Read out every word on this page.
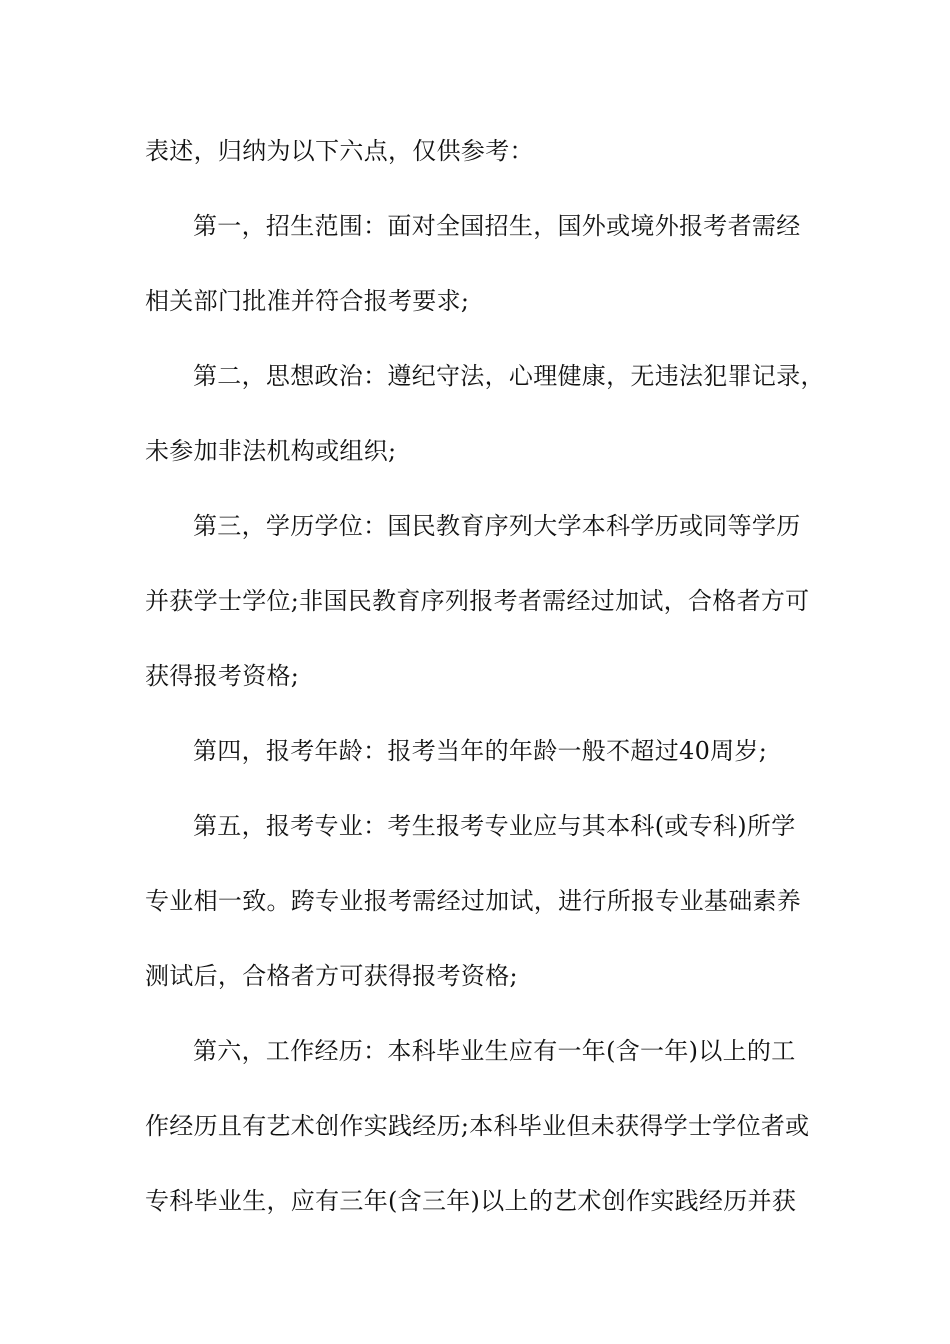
表述，归纳为以下六点，仅供参考：
第一，招生范围：面对全国招生，国外或境外报考者需经
相关部门批准并符合报考要求;
第二，思想政治：遵纪守法，心理健康，无违法犯罪记录，
未参加非法机构或组织;
第三，学历学位：国民教育序列大学本科学历或同等学历
并获学士学位;非国民教育序列报考者需经过加试，合格者方可
获得报考资格;
第四，报考年龄：报考当年的年龄一般不超过40周岁;
第五，报考专业：考生报考专业应与其本科(或专科)所学
专业相一致。跨专业报考需经过加试，进行所报专业基础素养
测试后，合格者方可获得报考资格;
第六，工作经历：本科毕业生应有一年(含一年)以上的工
作经历且有艺术创作实践经历;本科毕业但未获得学士学位者或
专科毕业生，应有三年(含三年)以上的艺术创作实践经历并获
